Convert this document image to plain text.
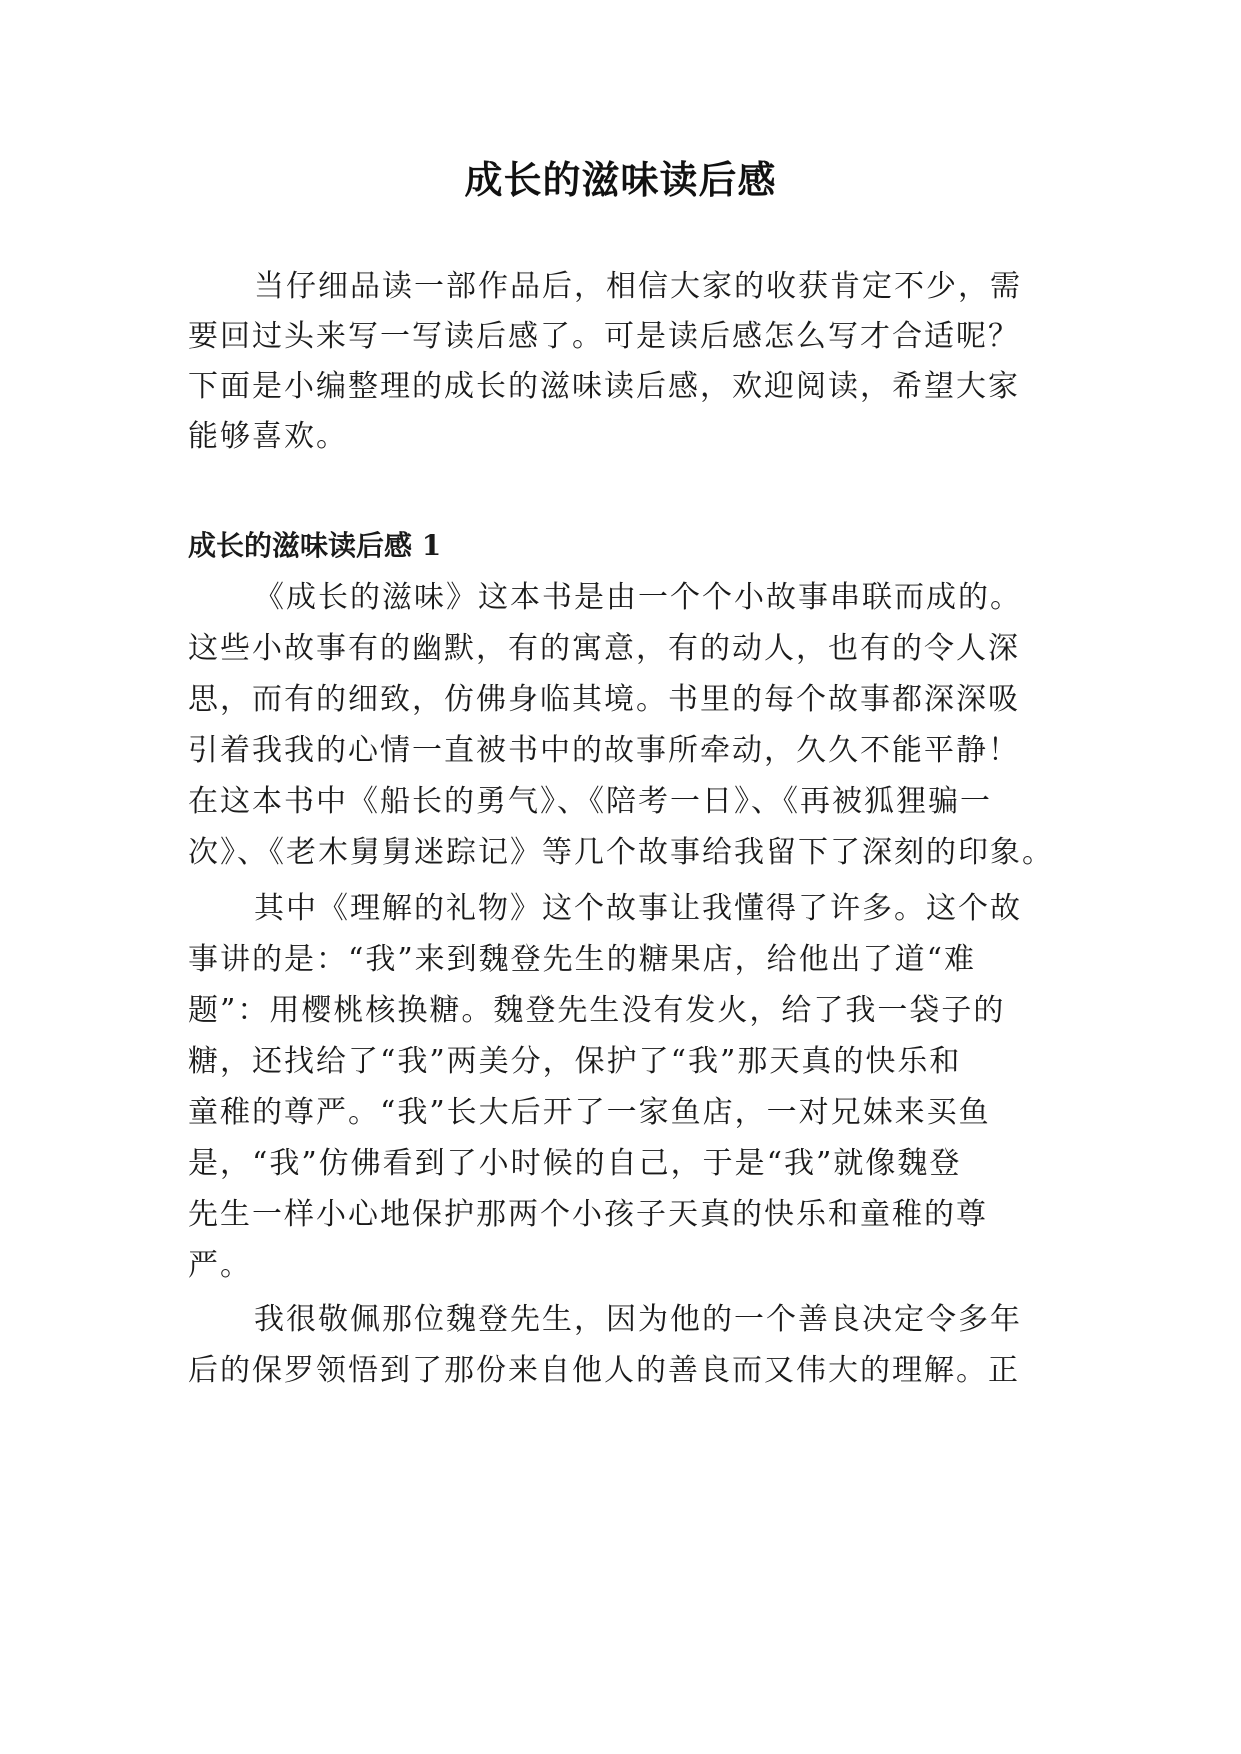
成长的滋味读后感

当仔细品读一部作品后，相信大家的收获肯定不少，需

要回过头来写一写读后感了。可是读后感怎么写才合适呢？

下面是小编整理的成长的滋味读后感，欢迎阅读，希望大家

能够喜欢。

成长的滋味读后感 1

《成长的滋味》这本书是由一个个小故事串联而成的。

这些小故事有的幽默，有的寓意，有的动人，也有的令人深

思，而有的细致，仿佛身临其境。书里的每个故事都深深吸

引着我我的心情一直被书中的故事所牵动，久久不能平静！

在这本书中《船长的勇气》、《陪考一日》、《再被狐狸骗一

次》、《老木舅舅迷踪记》等几个故事给我留下了深刻的印象。

其中《理解的礼物》这个故事让我懂得了许多。这个故

事讲的是：“我”来到魏登先生的糖果店，给他出了道“难

题”：用樱桃核换糖。魏登先生没有发火，给了我一袋子的

糖，还找给了“我”两美分，保护了“我”那天真的快乐和

童稚的尊严。“我”长大后开了一家鱼店，一对兄妹来买鱼

是，“我”仿佛看到了小时候的自己，于是“我”就像魏登

先生一样小心地保护那两个小孩子天真的快乐和童稚的尊

严。

我很敬佩那位魏登先生，因为他的一个善良决定令多年

后的保罗领悟到了那份来自他人的善良而又伟大的理解。正
